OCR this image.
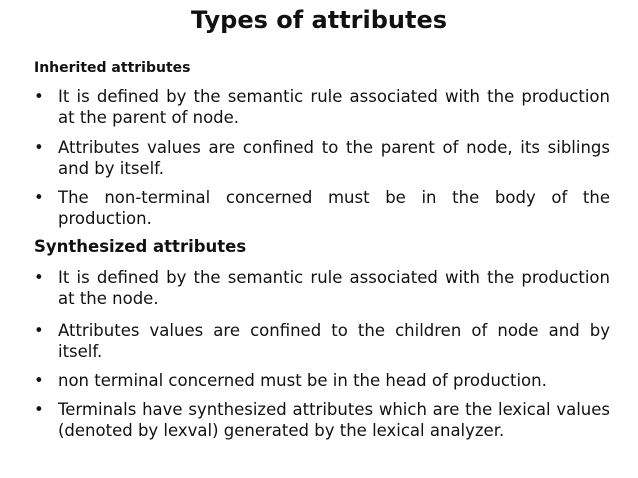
Types of attributes
Inherited attributes
• It is defined by the semantic rule associated with the production at the parent of node.
• Attributes values are confined to the parent of node, its siblings and by itself.
• The non-terminal concerned must be in the body of the production.
Synthesized attributes
• It is defined by the semantic rule associated with the production at the node.
• Attributes values are confined to the children of node and by itself.
• non terminal concerned must be in the head of production.
• Terminals have synthesized attributes which are the lexical values (denoted by lexval) generated by the lexical analyzer.
